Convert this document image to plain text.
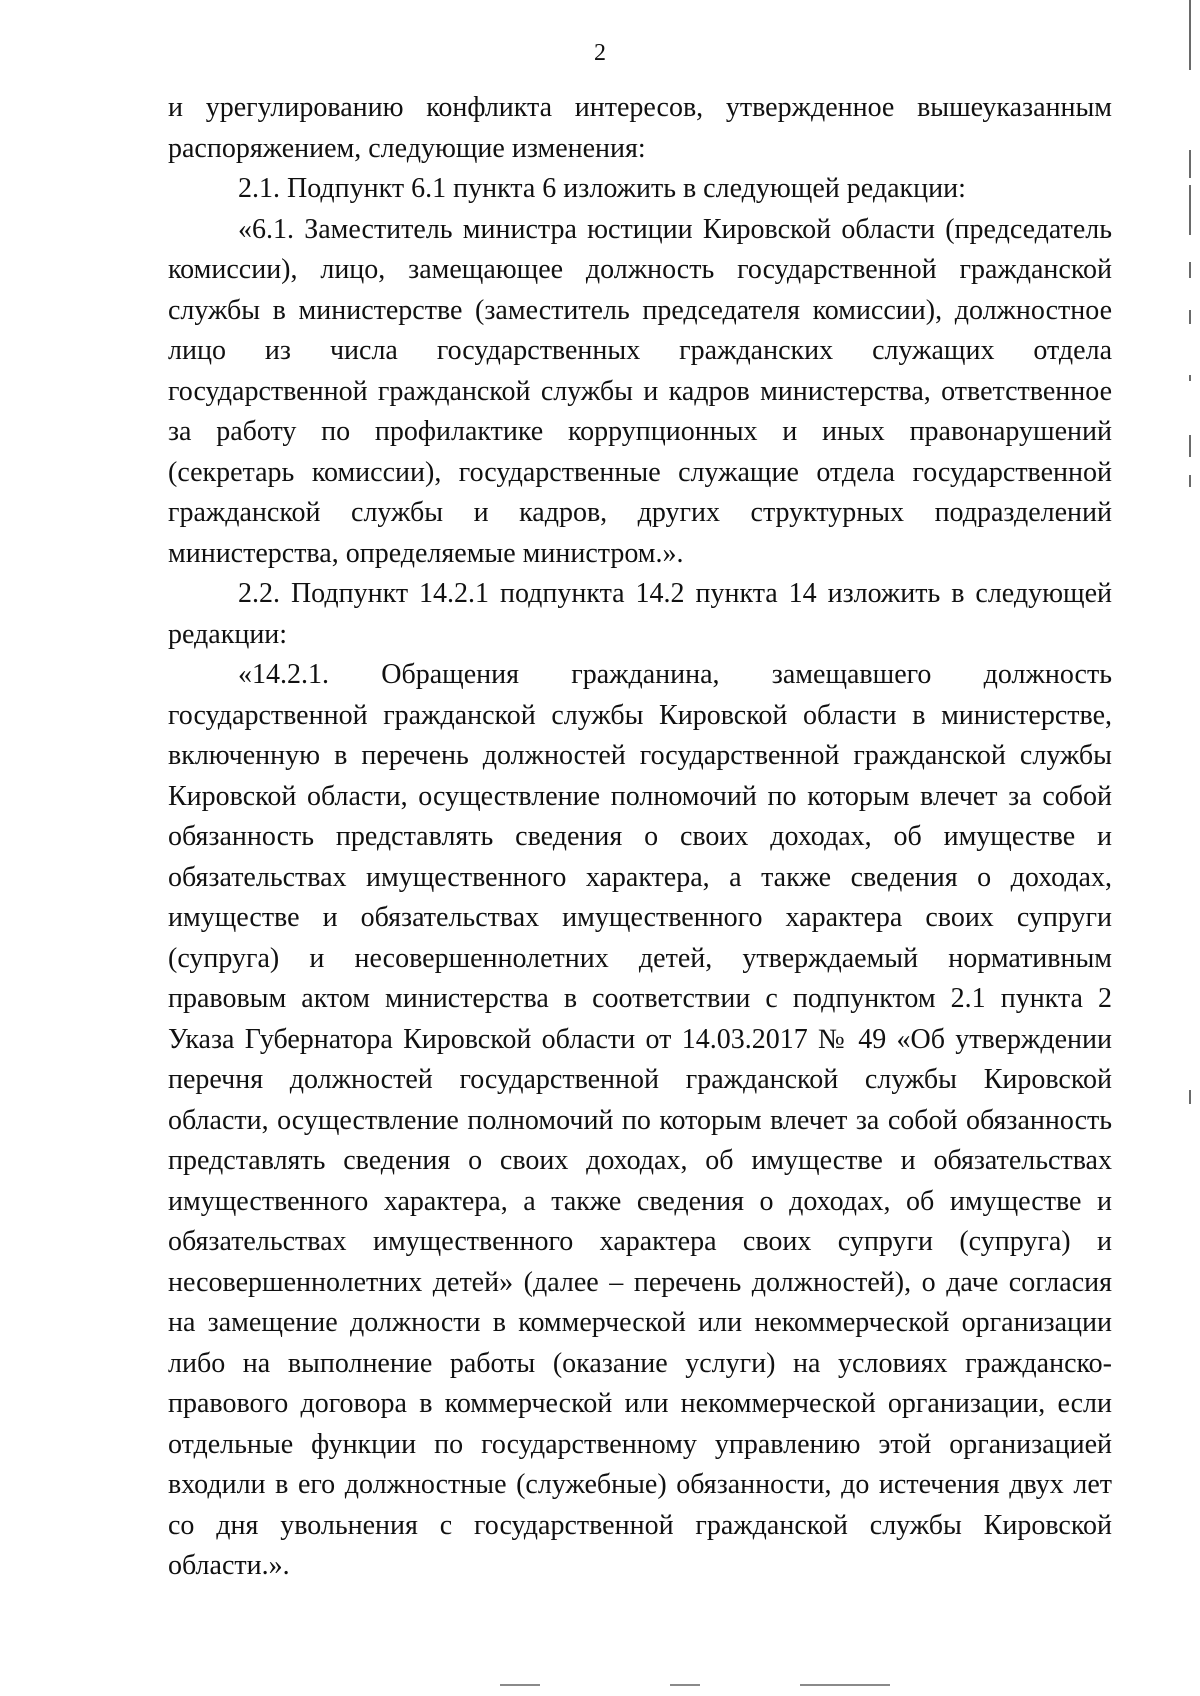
2

и урегулированию конфликта интересов, утвержденное вышеуказанным распоряжением, следующие изменения:

2.1. Подпункт 6.1 пункта 6 изложить в следующей редакции:

«6.1. Заместитель министра юстиции Кировской области (председатель комиссии), лицо, замещающее должность государственной гражданской службы в министерстве (заместитель председателя комиссии), должностное лицо из числа государственных гражданских служащих отдела государственной гражданской службы и кадров министерства, ответственное за работу по профилактике коррупционных и иных правонарушений (секретарь комиссии), государственные служащие отдела государственной гражданской службы и кадров, других структурных подразделений министерства, определяемые министром.».

2.2. Подпункт 14.2.1 подпункта 14.2 пункта 14 изложить в следующей редакции:

«14.2.1. Обращения гражданина, замещавшего должность государственной гражданской службы Кировской области в министерстве, включенную в перечень должностей государственной гражданской службы Кировской области, осуществление полномочий по которым влечет за собой обязанность представлять сведения о своих доходах, об имуществе и обязательствах имущественного характера, а также сведения о доходах, имуществе и обязательствах имущественного характера своих супруги (супруга) и несовершеннолетних детей, утверждаемый нормативным правовым актом министерства в соответствии с подпунктом 2.1 пункта 2 Указа Губернатора Кировской области от 14.03.2017 № 49 «Об утверждении перечня должностей государственной гражданской службы Кировской области, осуществление полномочий по которым влечет за собой обязанность представлять сведения о своих доходах, об имуществе и обязательствах имущественного характера, а также сведения о доходах, об имуществе и обязательствах имущественного характера своих супруги (супруга) и несовершеннолетних детей» (далее – перечень должностей), о даче согласия на замещение должности в коммерческой или некоммерческой организации либо на выполнение работы (оказание услуги) на условиях гражданско-правового договора в коммерческой или некоммерческой организации, если отдельные функции по государственному управлению этой организацией входили в его должностные (служебные) обязанности, до истечения двух лет со дня увольнения с государственной гражданской службы Кировской области.».
